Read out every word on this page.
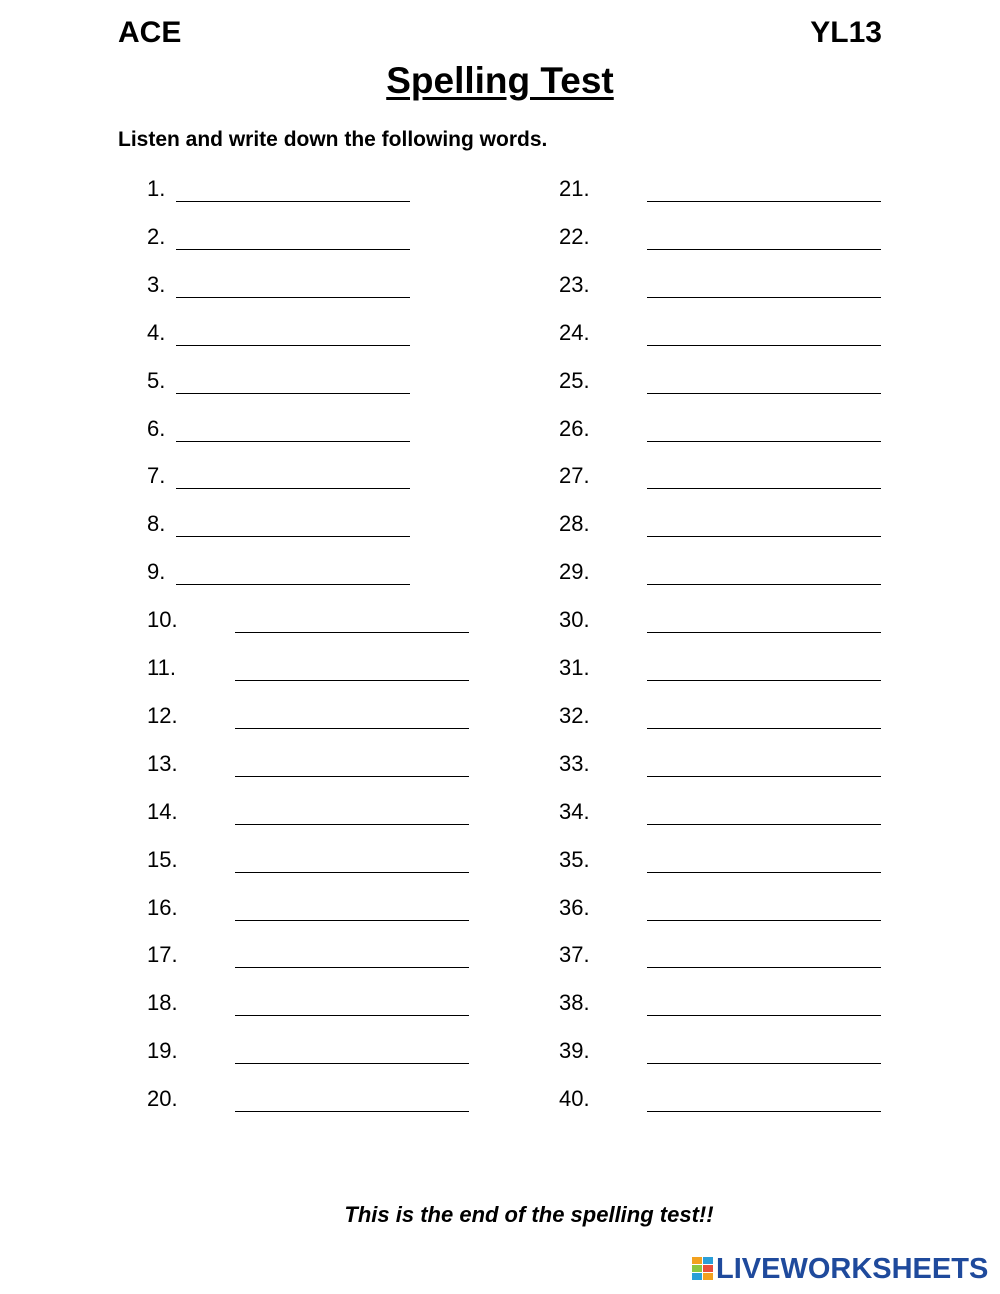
ACE	YL13
Spelling Test
Listen and write down the following words.
1.
2.
3.
4.
5.
6.
7.
8.
9.
10.
11.
12.
13.
14.
15.
16.
17.
18.
19.
20.
21.
22.
23.
24.
25.
26.
27.
28.
29.
30.
31.
32.
33.
34.
35.
36.
37.
38.
39.
40.
This is the end of the spelling test!!
LIVEWORKSHEETS
